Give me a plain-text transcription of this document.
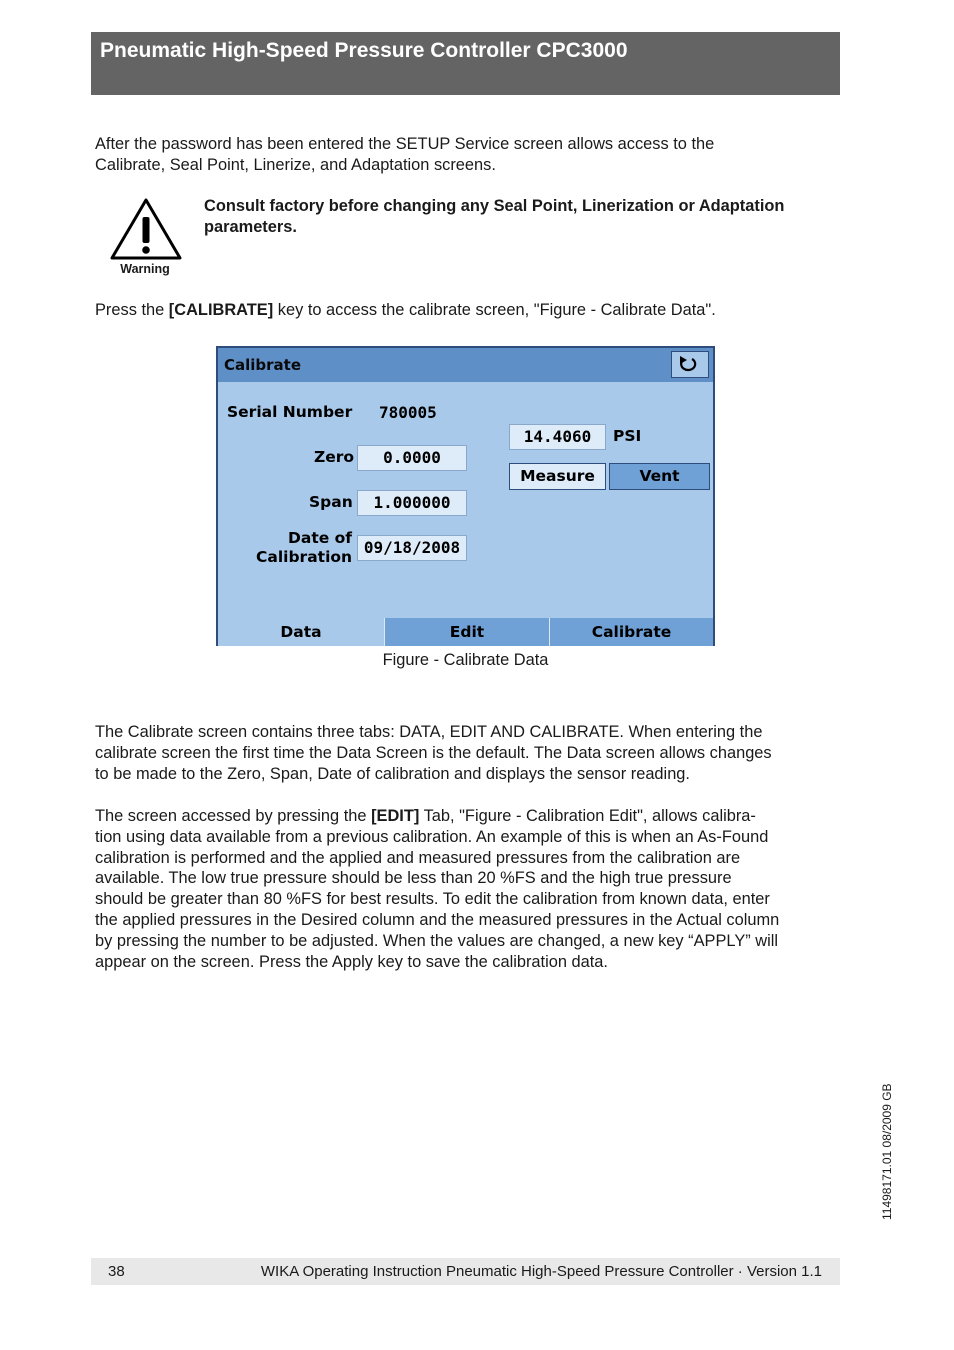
Pneumatic High-Speed Pressure Controller CPC3000
After the password has been entered the SETUP Service screen allows access to the
Calibrate, Seal Point, Linerize, and Adaptation screens.
Warning
Consult factory before changing any Seal Point, Linerization or Adaptation
parameters.
Press the [CALIBRATE] key to access the calibrate screen, "Figure - Calibrate Data".
Calibrate
Serial Number 780005
Zero	0.0000
Span	1.000000
Date of
Calibration 09/18/2008
14.4060	PSI
Measure	Vent
Data	Edit	Calibrate
Figure - Calibrate Data
The Calibrate screen contains three tabs: DATA, EDIT AND CALIBRATE. When entering the
calibrate screen the first time the Data Screen is the default. The Data screen allows changes
to be made to the Zero, Span, Date of calibration and displays the sensor reading.
The screen accessed by pressing the [EDIT] Tab, "Figure - Calibration Edit", allows calibra-
tion using data available from a previous calibration. An example of this is when an As-Found
calibration is performed and the applied and measured pressures from the calibration are
available. The low true pressure should be less than 20 %FS and the high true pressure
should be greater than 80 %FS for best results. To edit the calibration from known data, enter
the applied pressures in the Desired column and the measured pressures in the Actual column
by pressing the number to be adjusted. When the values are changed, a new key “APPLY” will
appear on the screen. Press the Apply key to save the calibration data.
11498171.01 08/2009 GB
38	WIKA Operating Instruction Pneumatic High-Speed Pressure Controller · Version 1.1
